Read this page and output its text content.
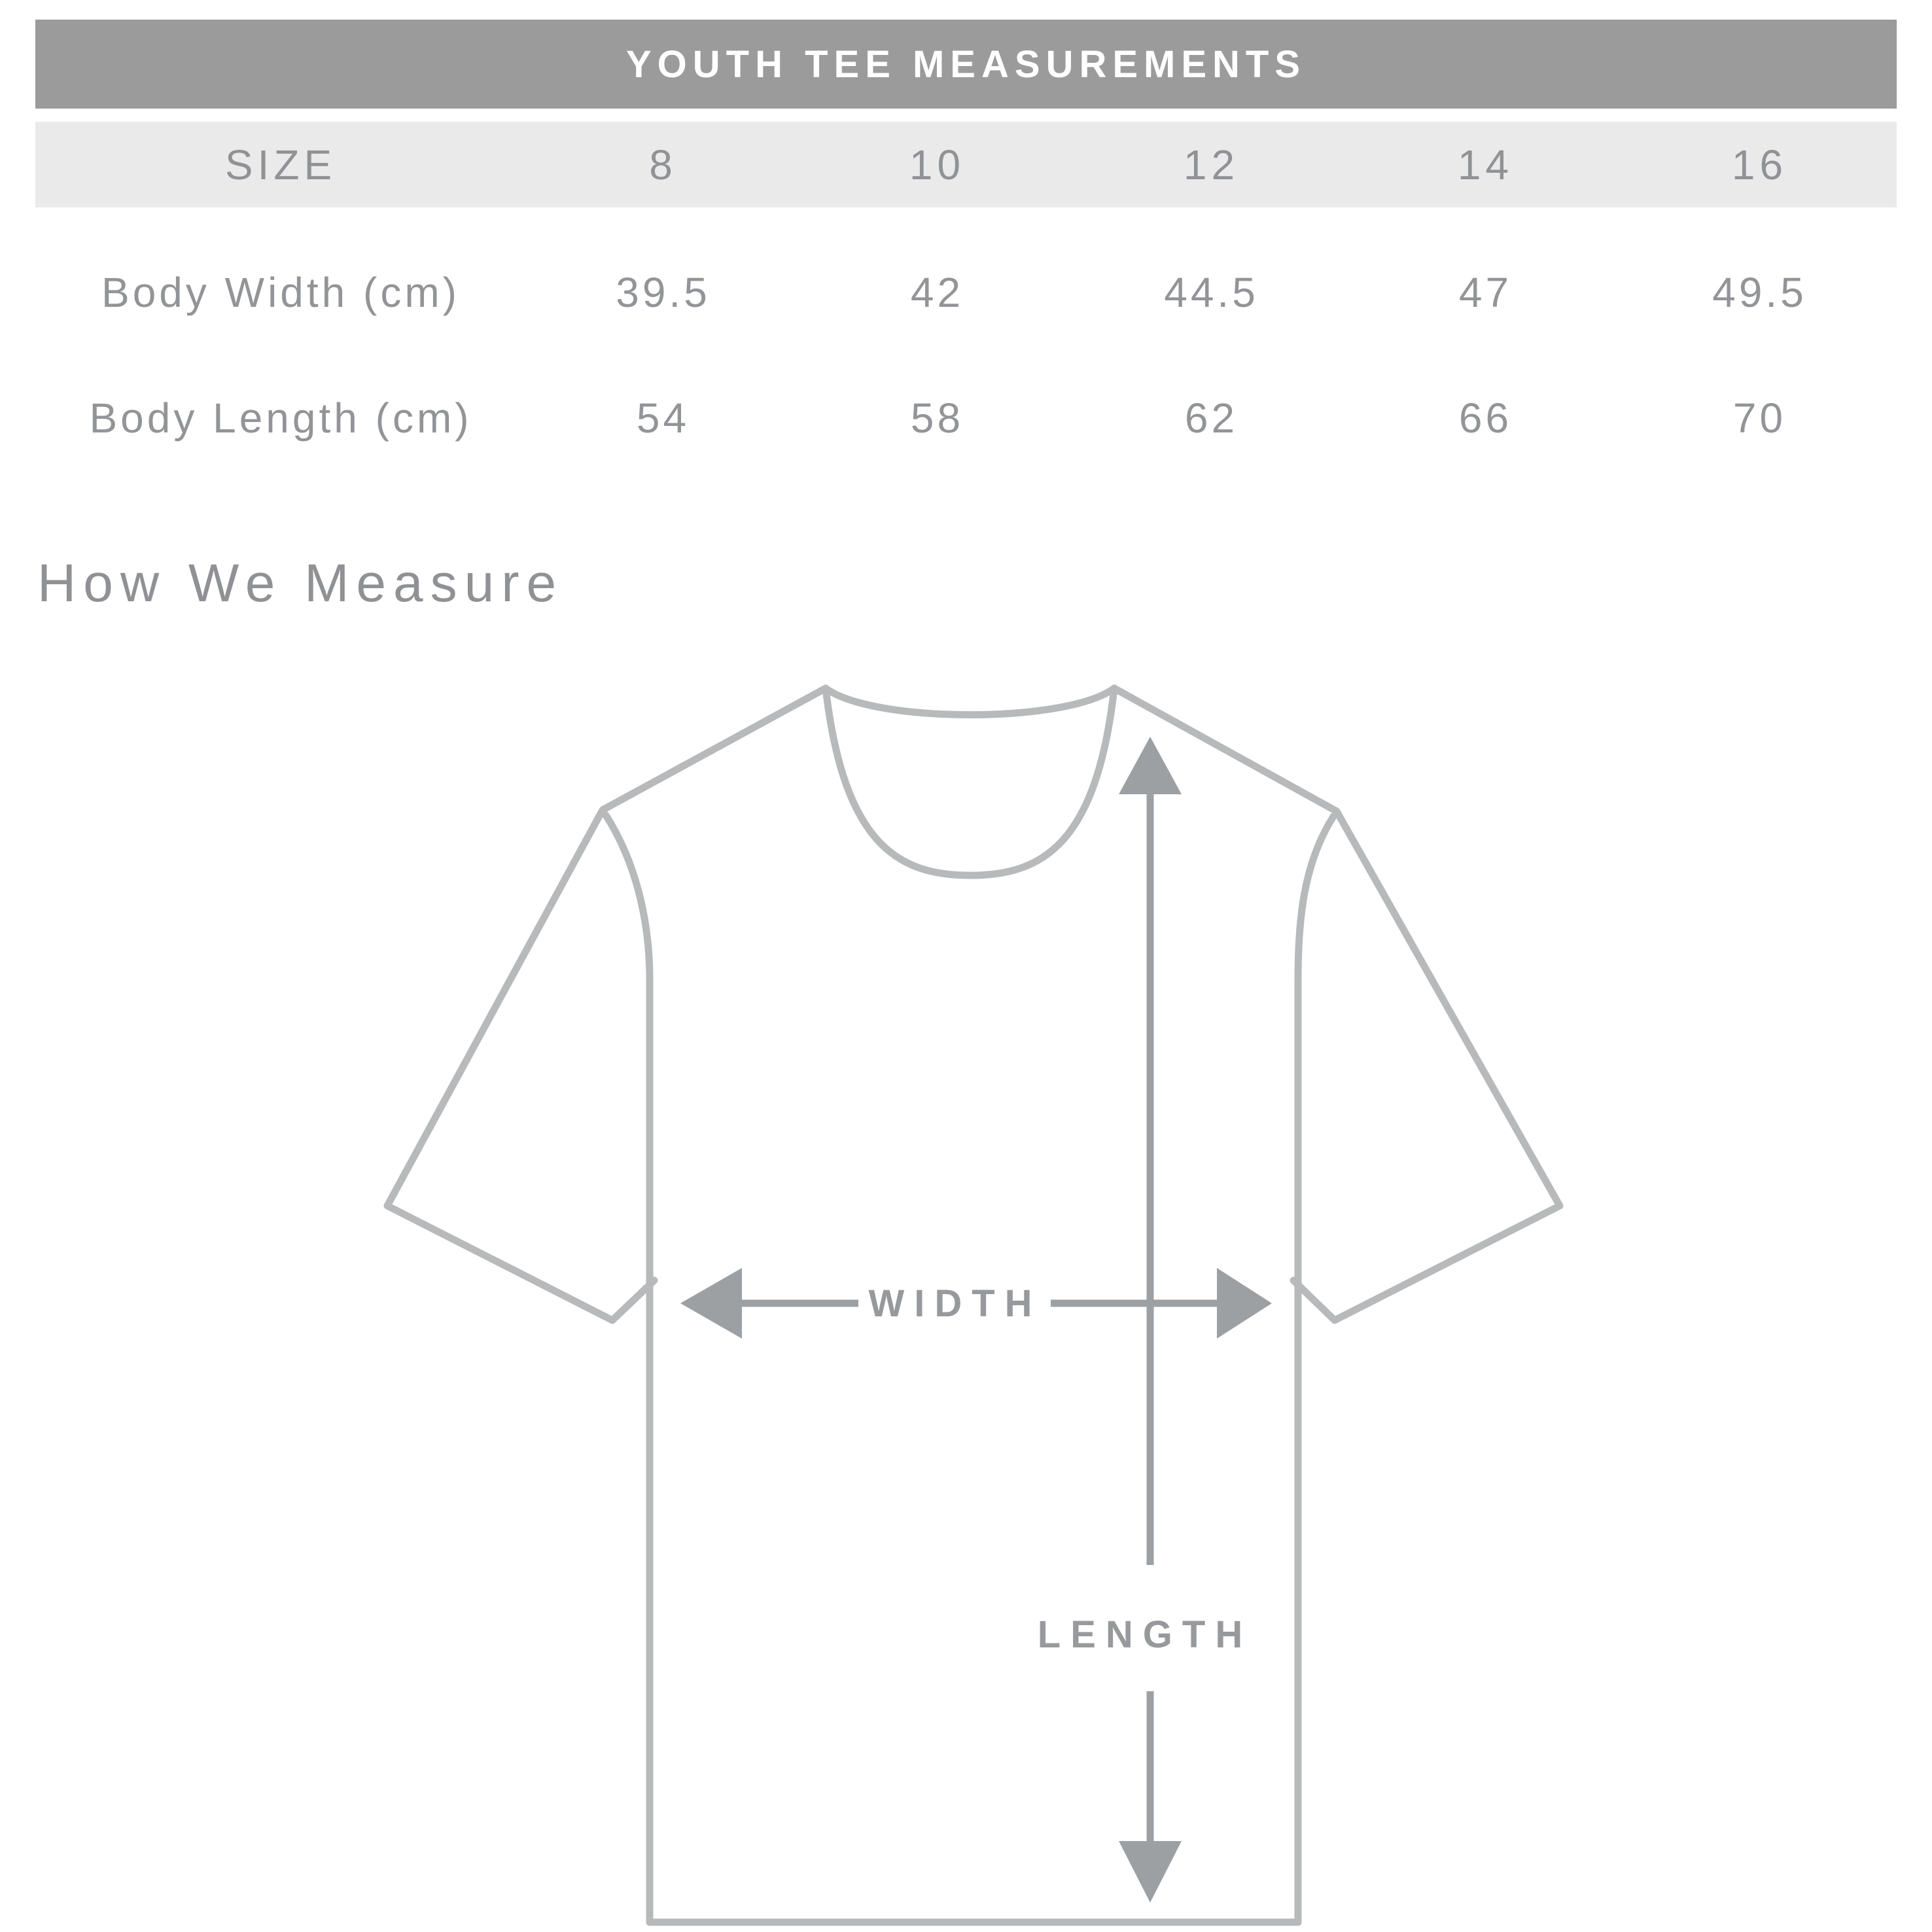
YOUTH TEE MEASUREMENTS
SIZE	8	10	12	14	16
Body Width (cm)	39.5	42	44.5	47	49.5
Body Length (cm)	54	58	62	66	70
How We Measure
WIDTH
LENGTH
